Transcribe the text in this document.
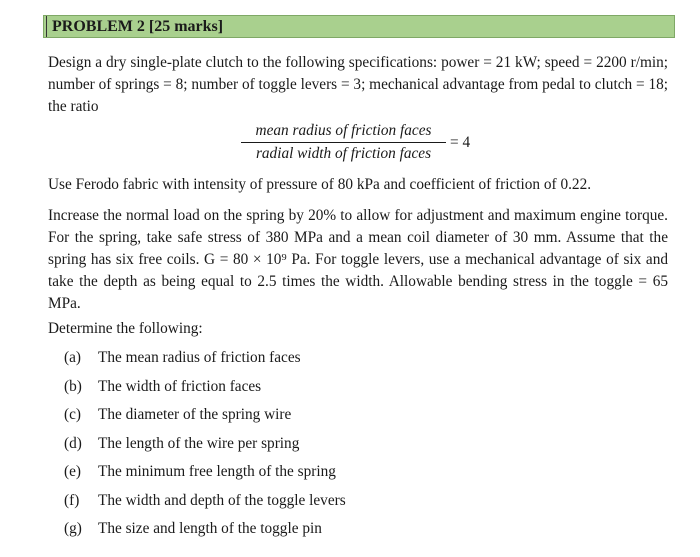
PROBLEM 2 [25 marks]
Design a dry single-plate clutch to the following specifications: power = 21 kW; speed = 2200 r/min; number of springs = 8; number of toggle levers = 3; mechanical advantage from pedal to clutch = 18; the ratio
mean radius of friction faces
radial width of friction faces
= 4
Use Ferodo fabric with intensity of pressure of 80 kPa and coefficient of friction of 0.22.
Increase the normal load on the spring by 20% to allow for adjustment and maximum engine torque. For the spring, take safe stress of 380 MPa and a mean coil diameter of 30 mm. Assume that the spring has six free coils. G = 80 × 10⁹ Pa. For toggle levers, use a mechanical advantage of six and take the depth as being equal to 2.5 times the width. Allowable bending stress in the toggle = 65 MPa.
Determine the following:
(a) The mean radius of friction faces
(b) The width of friction faces
(c) The diameter of the spring wire
(d) The length of the wire per spring
(e) The minimum free length of the spring
(f) The width and depth of the toggle levers
(g) The size and length of the toggle pin
